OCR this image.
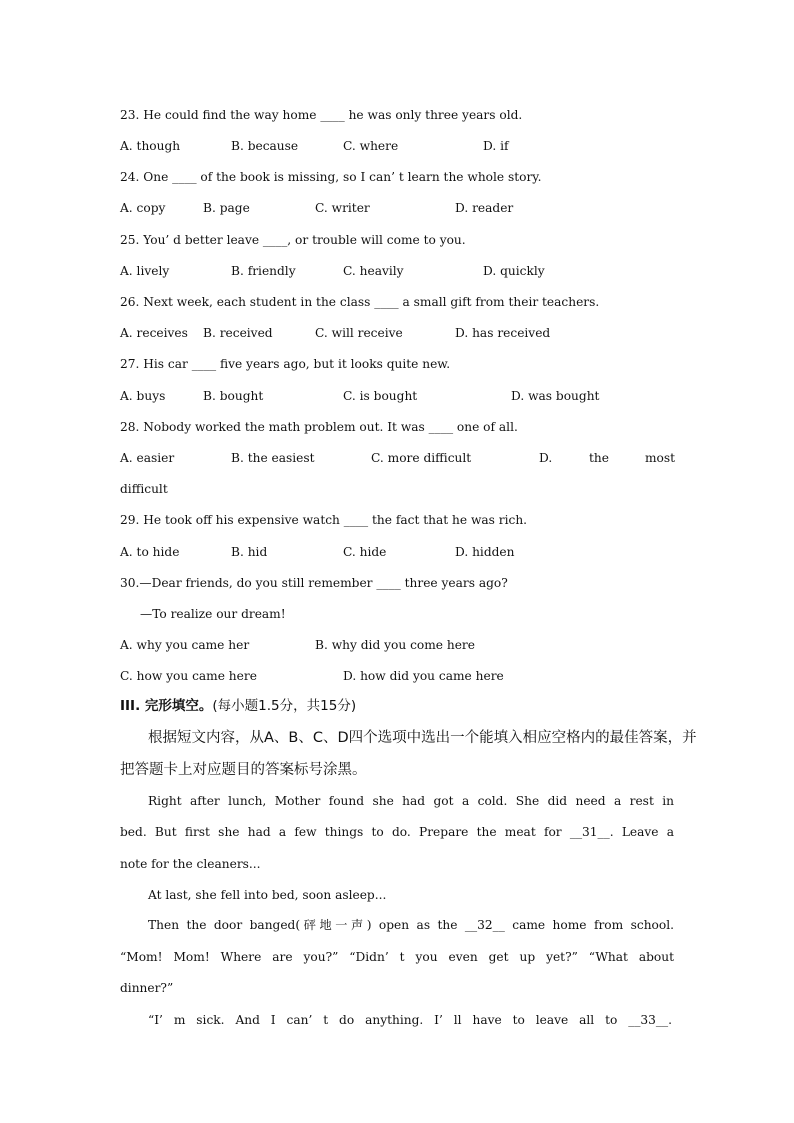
23. He could find the way home ____ he was only three years old.
A. though	B. because	C. where	D. if
24. One ____ of the book is missing, so I can’ t learn the whole story.
A. copy	B. page	C. writer	D. reader
25. You’ d better leave ____, or trouble will come to you.
A. lively	B. friendly	C. heavily	D. quickly
26. Next week, each student in the class ____ a small gift from their teachers.
A. receives B. received	C. will receive	D. has received
27. His car ____ five years ago, but it looks quite new.
A. buys	B. bought	C. is bought	D. was bought
28. Nobody worked the math problem out. It was ____ one of all.
A. easier	B. the easiest	C. more difficult	D.	the	most
difficult
29. He took off his expensive watch ____ the fact that he was rich.
A. to hide	B. hid	C. hide	D. hidden
30.—Dear friends, do you still remember ____ three years ago?
—To realize our dream!
A. why you came her	B. why did you come here
C. how you came here	D. how did you came here
III. 完形填空。(每小题1.5分，共15分)
根据短文内容，从A、B、C、D四个选项中选出一个能填入相应空格内的最佳答案，并
把答题卡上对应题目的答案标号涂黑。
Right after lunch, Mother found she had got a cold. She did need a rest in
bed. But first she had a few things to do. Prepare the meat for __31__. Leave a
note for the cleaners...
At last, she fell into bed, soon asleep...
Then the door banged(砰地一声) open as the __32__ came home from school.
“Mom! Mom! Where are you?” “Didn’ t you even get up yet?” “What about
dinner?”
“I’ m sick. And I can’ t do anything. I’ ll have to leave all to __33__.
